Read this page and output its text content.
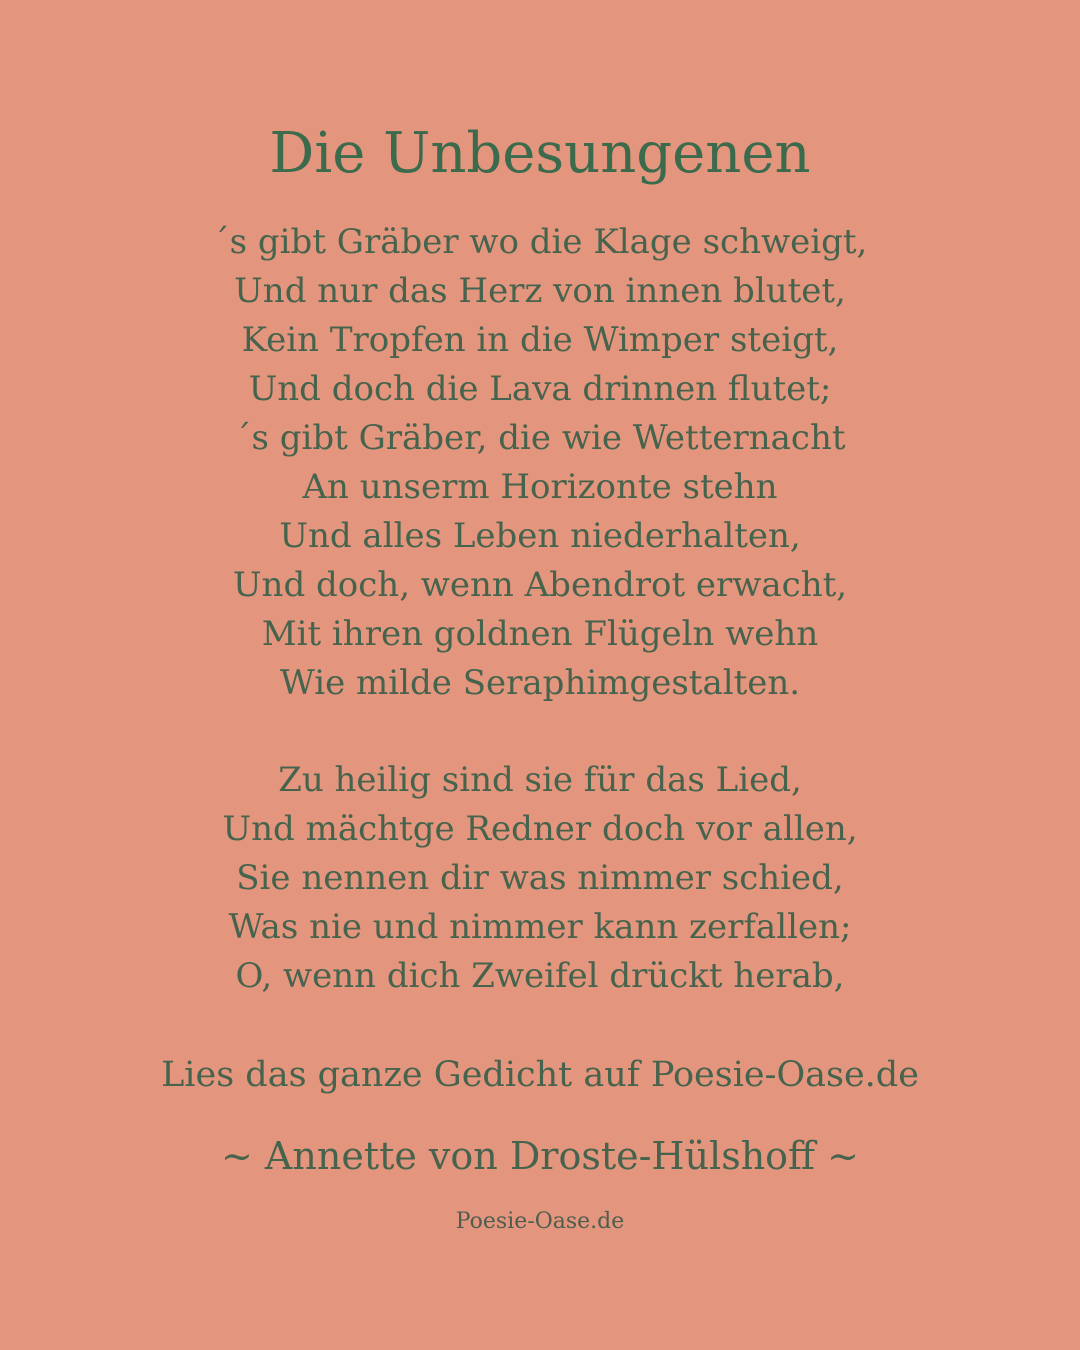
Die Unbesungenen
´s gibt Gräber wo die Klage schweigt,
Und nur das Herz von innen blutet,
Kein Tropfen in die Wimper steigt,
Und doch die Lava drinnen flutet;
´s gibt Gräber, die wie Wetternacht
An unserm Horizonte stehn
Und alles Leben niederhalten,
Und doch, wenn Abendrot erwacht,
Mit ihren goldnen Flügeln wehn
Wie milde Seraphimgestalten.
Zu heilig sind sie für das Lied,
Und mächtge Redner doch vor allen,
Sie nennen dir was nimmer schied,
Was nie und nimmer kann zerfallen;
O, wenn dich Zweifel drückt herab,
Lies das ganze Gedicht auf Poesie-Oase.de
~ Annette von Droste-Hülshoff ~
Poesie-Oase.de
